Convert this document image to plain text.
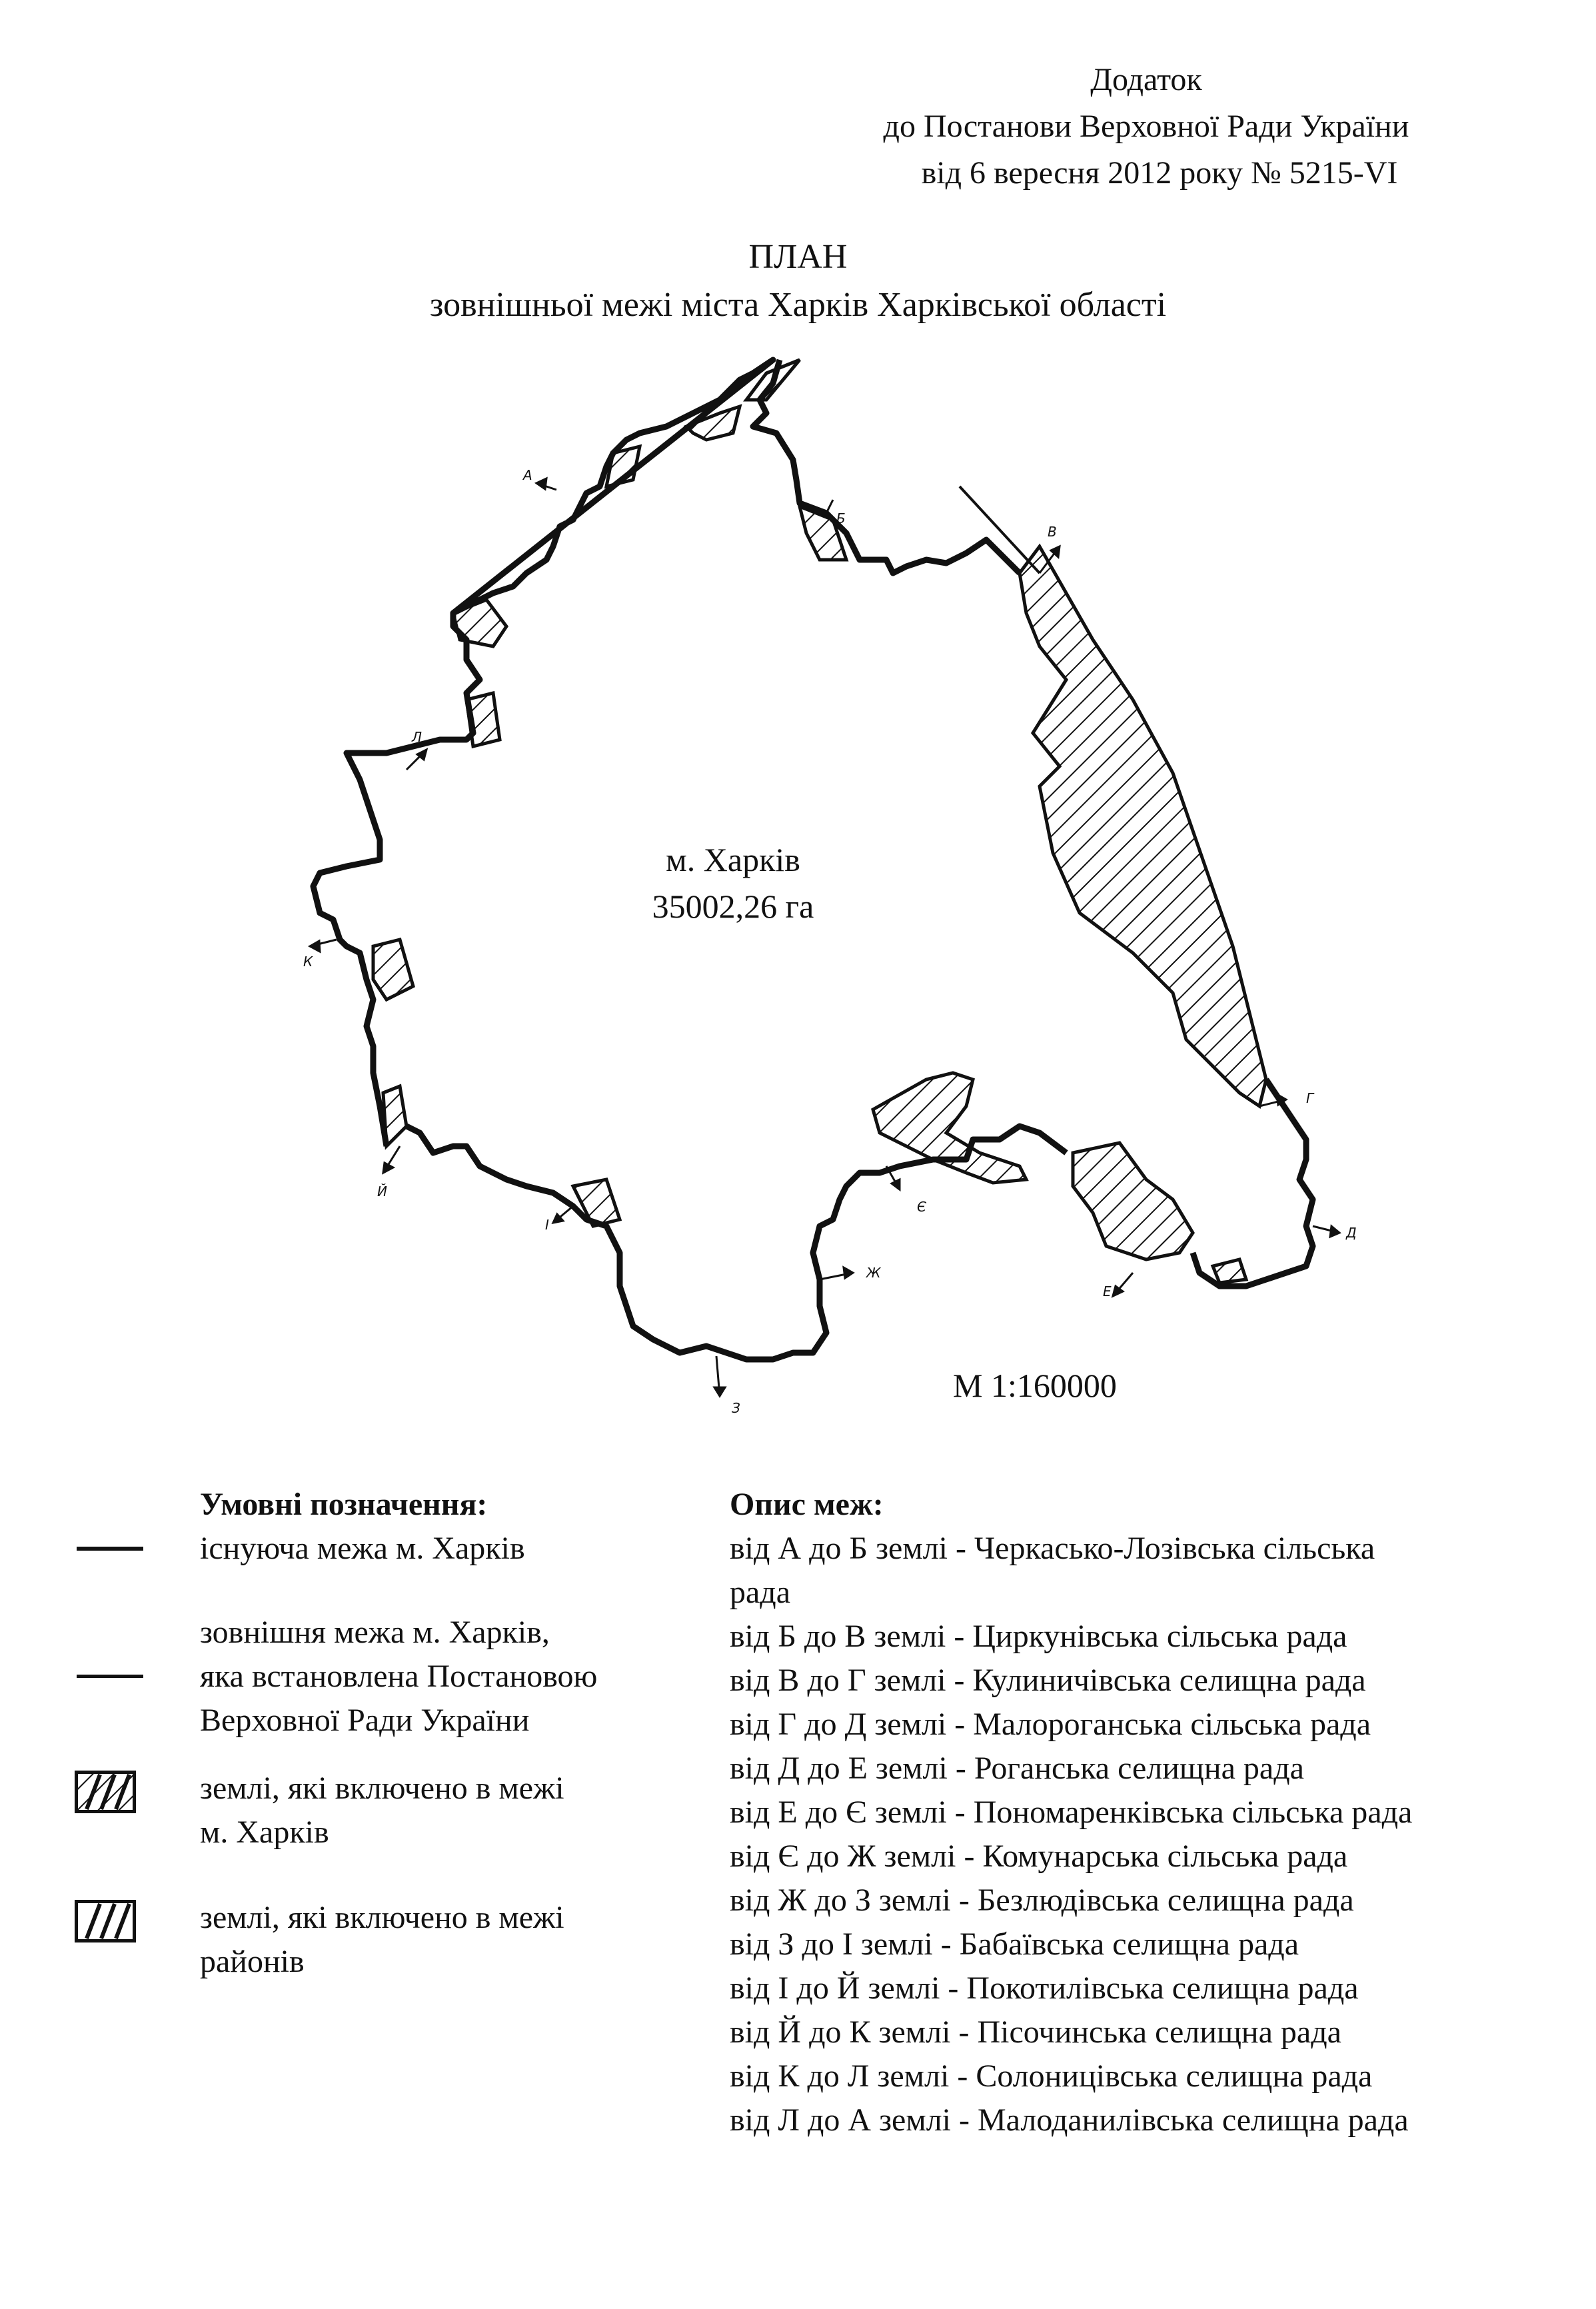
Додаток
до Постанови Верховної Ради України
від 6 вересня 2012 року № 5215-VI
ПЛАН
зовнішньої межі міста Харків Харківської області
А
Б
В
Г
Д
Е
Є
Ж
З
І
Й
К
Л
м. Харків
35002,26 га
М 1:160000
Умовні позначення:
існуюча межа м. Харків
зовнішня межа м. Харків,
яка встановлена Постановою
Верховної Ради України
землі, які включено в межі
м. Харків
землі, які включено в межі
районів
Опис меж:
від А до Б землі - Черкасько-Лозівська сільська
рада
від Б до В землі - Циркунівська сільська рада
від В до Г землі - Кулиничівська селищна рада
від Г до Д землі - Малороганська сільська рада
від Д до Е землі - Роганська селищна рада
від Е до Є землі - Пономаренківська сільська рада
від Є до Ж землі - Комунарська сільська рада
від Ж до З землі - Безлюдівська селищна рада
від З до І землі - Бабаївська селищна рада
від І до Й землі - Покотилівська селищна рада
від Й до К землі - Пісочинська селищна рада
від К до Л землі - Солоницівська селищна рада
від Л до А землі - Малоданилівська селищна рада
